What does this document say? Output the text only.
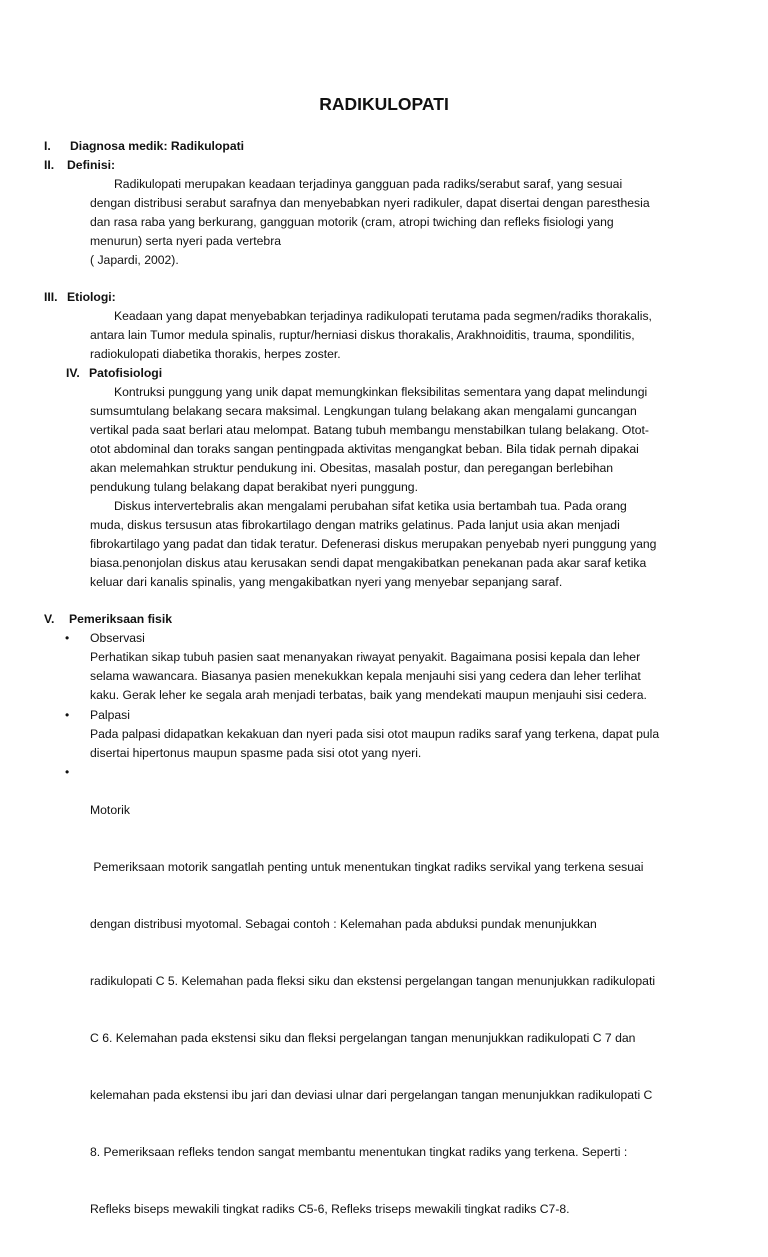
RADIKULOPATI
I. Diagnosa medik: Radikulopati
II. Definisi:
Radikulopati merupakan keadaan terjadinya gangguan pada radiks/serabut saraf, yang sesuai
dengan distribusi serabut sarafnya dan menyebabkan nyeri radikuler, dapat disertai dengan paresthesia
dan rasa raba yang berkurang, gangguan motorik (cram, atropi twiching dan refleks fisiologi yang
menurun) serta nyeri pada vertebra
( Japardi, 2002).
III. Etiologi:
Keadaan yang dapat menyebabkan terjadinya radikulopati terutama pada segmen/radiks thorakalis,
antara lain Tumor medula spinalis, ruptur/herniasi diskus thorakalis, Arakhnoiditis, trauma, spondilitis,
radiokulopati diabetika thorakis, herpes zoster.
IV. Patofisiologi
Kontruksi punggung yang unik dapat memungkinkan fleksibilitas sementara yang dapat melindungi
sumsumtulang belakang secara maksimal. Lengkungan tulang belakang akan mengalami guncangan
vertikal pada saat berlari atau melompat. Batang tubuh membangu menstabilkan tulang belakang. Otot-
otot abdominal dan toraks sangan pentingpada aktivitas mengangkat beban. Bila tidak pernah dipakai
akan melemahkan struktur pendukung ini. Obesitas, masalah postur, dan peregangan berlebihan
pendukung tulang belakang dapat berakibat nyeri punggung.
Diskus intervertebralis akan mengalami perubahan sifat ketika usia bertambah tua. Pada orang
muda, diskus tersusun atas fibrokartilago dengan matriks gelatinus. Pada lanjut usia akan menjadi
fibrokartilago yang padat dan tidak teratur. Defenerasi diskus merupakan penyebab nyeri punggung yang
biasa.penonjolan diskus atau kerusakan sendi dapat mengakibatkan penekanan pada akar saraf ketika
keluar dari kanalis spinalis, yang mengakibatkan nyeri yang menyebar sepanjang saraf.
V. Pemeriksaan fisik
• Observasi
Perhatikan sikap tubuh pasien saat menanyakan riwayat penyakit. Bagaimana posisi kepala dan leher
selama wawancara. Biasanya pasien menekukkan kepala menjauhi sisi yang cedera dan leher terlihat
kaku. Gerak leher ke segala arah menjadi terbatas, baik yang mendekati maupun menjauhi sisi cedera.
• Palpasi
Pada palpasi didapatkan kekakuan dan nyeri pada sisi otot maupun radiks saraf yang terkena, dapat pula
disertai hipertonus maupun spasme pada sisi otot yang nyeri.
•

Motorik

Pemeriksaan motorik sangatlah penting untuk menentukan tingkat radiks servikal yang terkena sesuai

dengan distribusi myotomal. Sebagai contoh : Kelemahan pada abduksi pundak menunjukkan

radikulopati C 5. Kelemahan pada fleksi siku dan ekstensi pergelangan tangan menunjukkan radikulopati

C 6. Kelemahan pada ekstensi siku dan fleksi pergelangan tangan menunjukkan radikulopati C 7 dan

kelemahan pada ekstensi ibu jari dan deviasi ulnar dari pergelangan tangan menunjukkan radikulopati C

8. Pemeriksaan refleks tendon sangat membantu menentukan tingkat radiks yang terkena. Seperti :

Refleks biseps mewakili tingkat radiks C5-6, Refleks triseps mewakili tingkat radiks C7-8.
